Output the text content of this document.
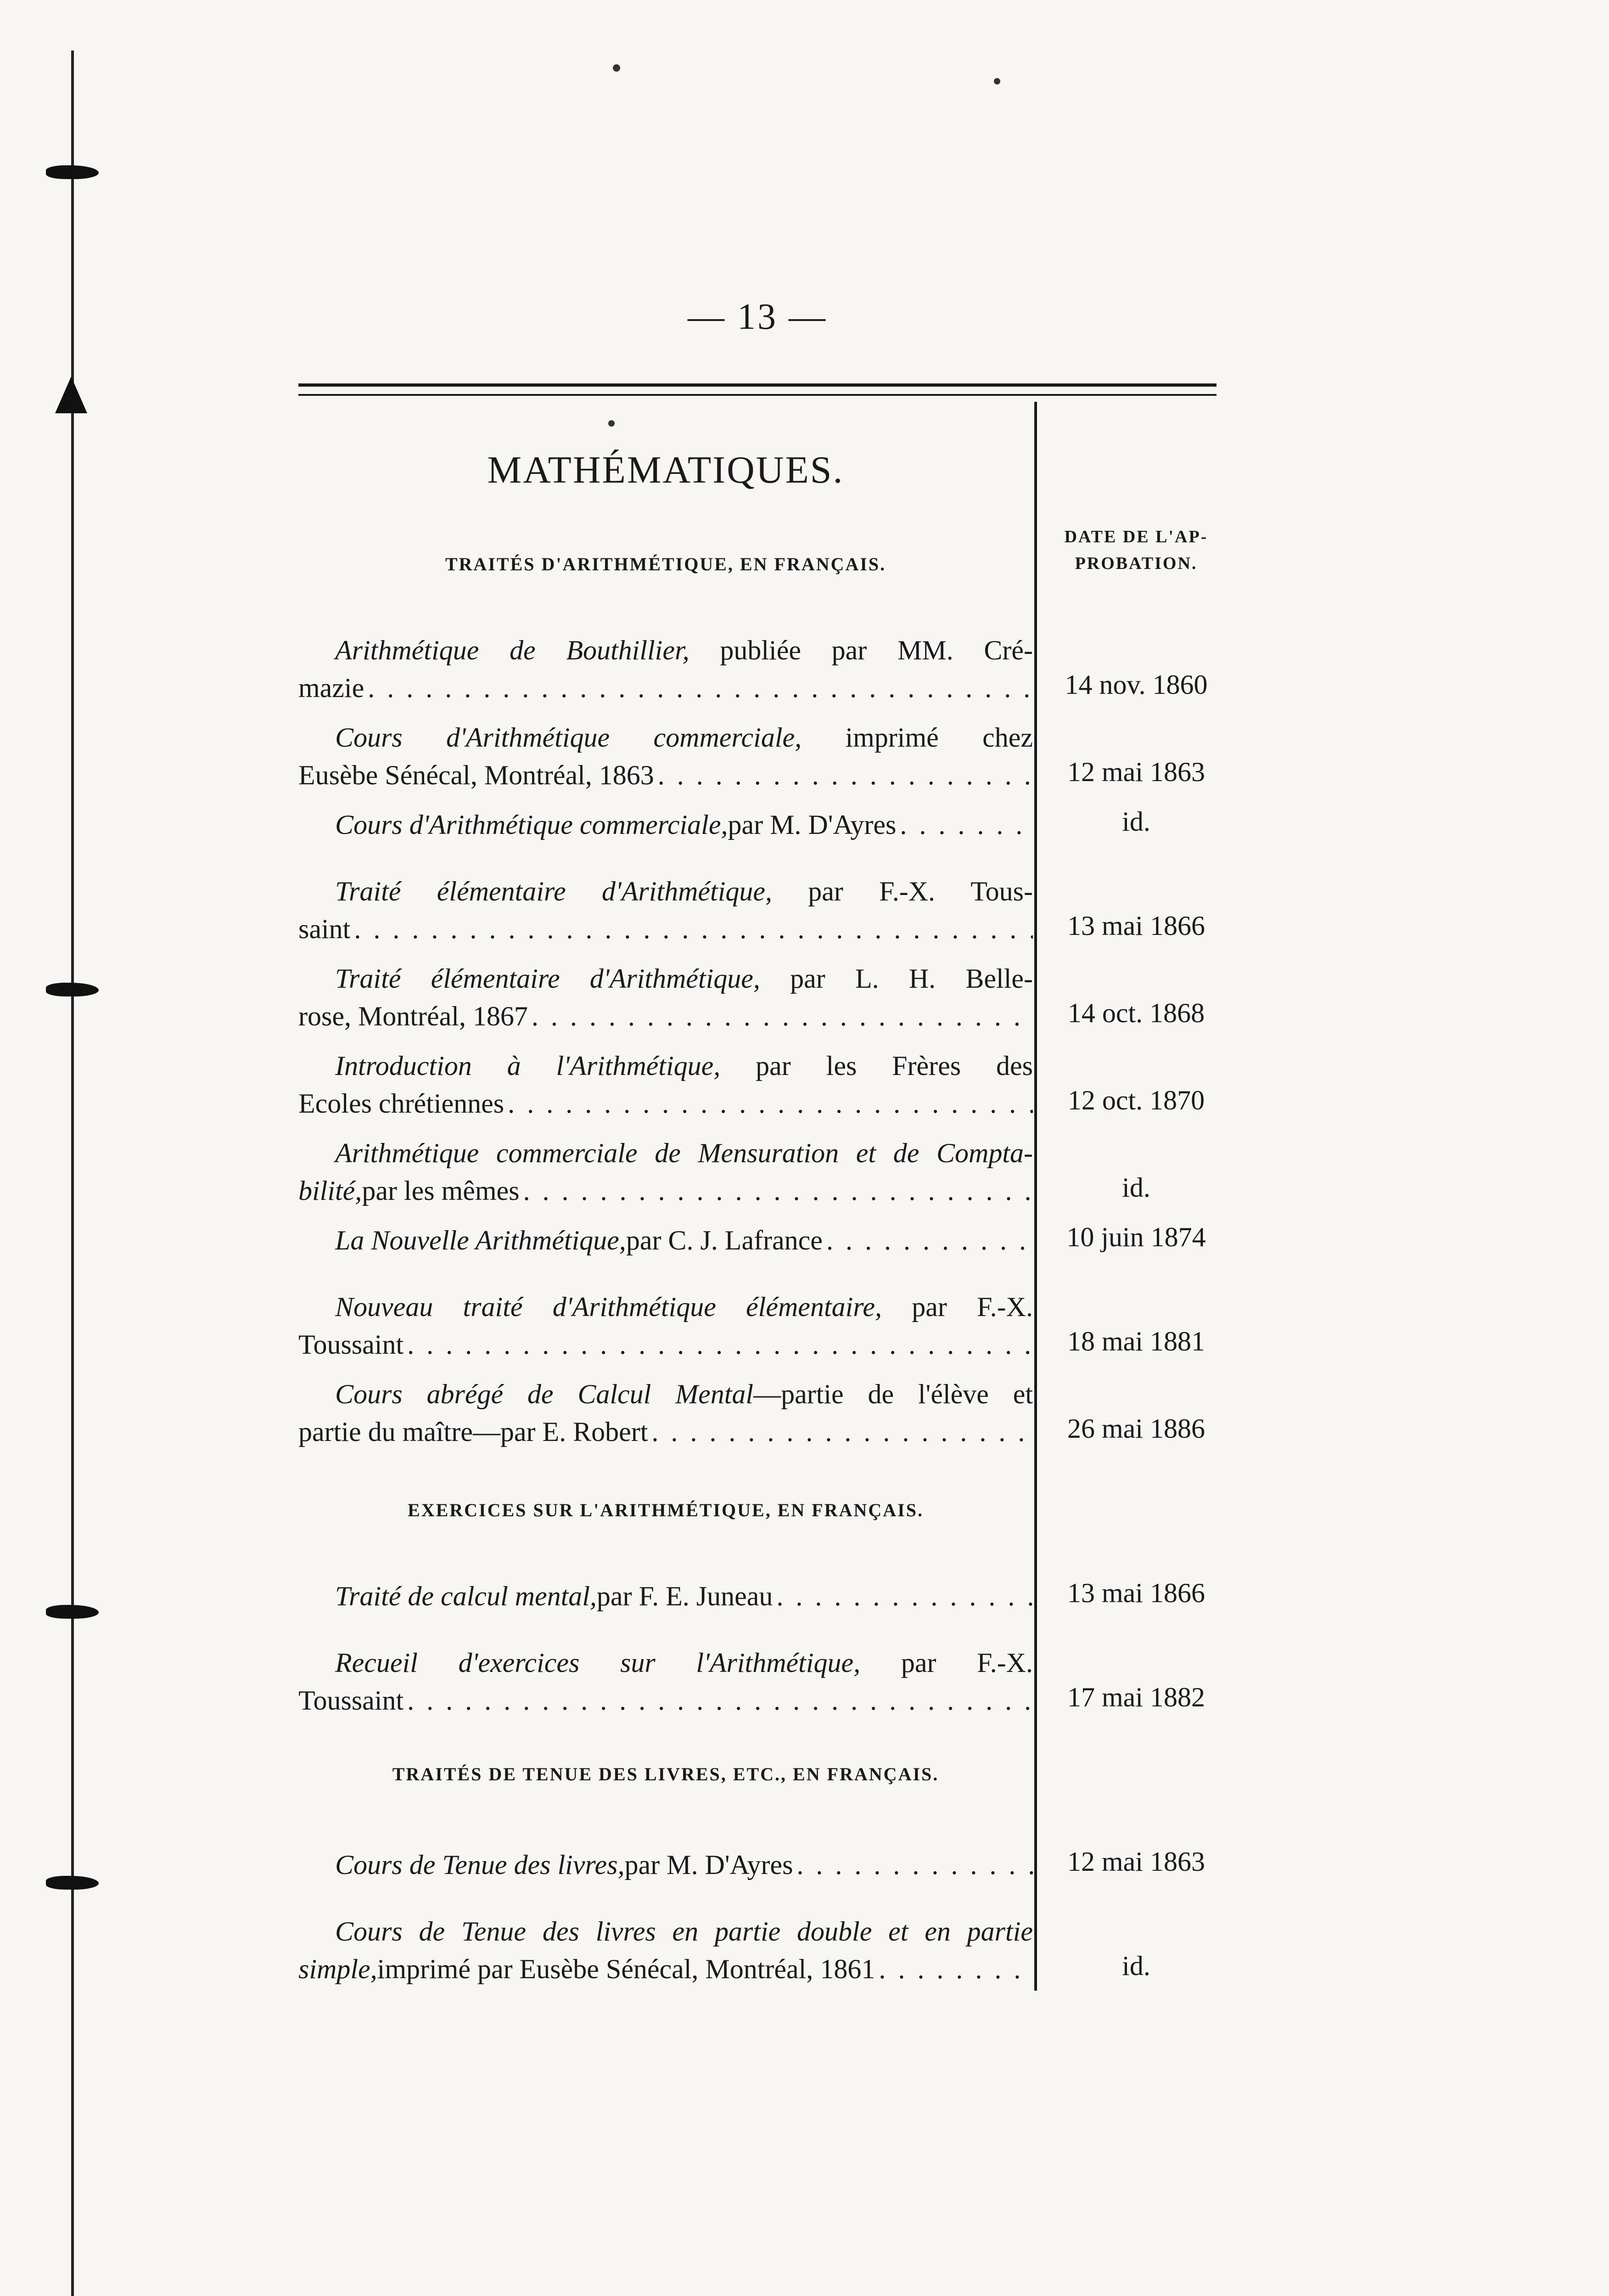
— 13 —
MATHÉMATIQUES.
DATE DE L'AP-
PROBATION.
TRAITÉS D'ARITHMÉTIQUE, EN FRANÇAIS.
Arithmétique de Bouthillier, publiée par MM. Cré-
mazie . . .	14 nov. 1860
Cours d'Arithmétique commerciale, imprimé chez
Eusèbe Sénécal, Montréal, 1863 . . .	12 mai 1863
Cours d'Arithmétique commerciale, par M. D'Ayres . . .	id.
Traité élémentaire d'Arithmétique, par F.-X. Tous-
saint . . .	13 mai 1866
Traité élémentaire d'Arithmétique, par L. H. Belle-
rose, Montréal, 1867 . . .	14 oct. 1868
Introduction à l'Arithmétique, par les Frères des
Ecoles chrétiennes . . .	12 oct. 1870
Arithmétique commerciale de Mensuration et de Compta-
bilité, par les mêmes . . .	id.
La Nouvelle Arithmétique, par C. J. Lafrance . . .	10 juin 1874
Nouveau traité d'Arithmétique élémentaire, par F.-X.
Toussaint . . .	18 mai 1881
Cours abrégé de Calcul Mental—partie de l'élève et
partie du maître—par E. Robert . . .	26 mai 1886
EXERCICES SUR L'ARITHMÉTIQUE, EN FRANÇAIS.
Traité de calcul mental, par F. E. Juneau . . .	13 mai 1866
Recueil d'exercices sur l'Arithmétique, par F.-X.
Toussaint . . .	17 mai 1882
TRAITÉS DE TENUE DES LIVRES, ETC., EN FRANÇAIS.
Cours de Tenue des livres, par M. D'Ayres . . .	12 mai 1863
Cours de Tenue des livres en partie double et en partie
simple, imprimé par Eusèbe Sénécal, Montréal, 1861 . . .	id.
